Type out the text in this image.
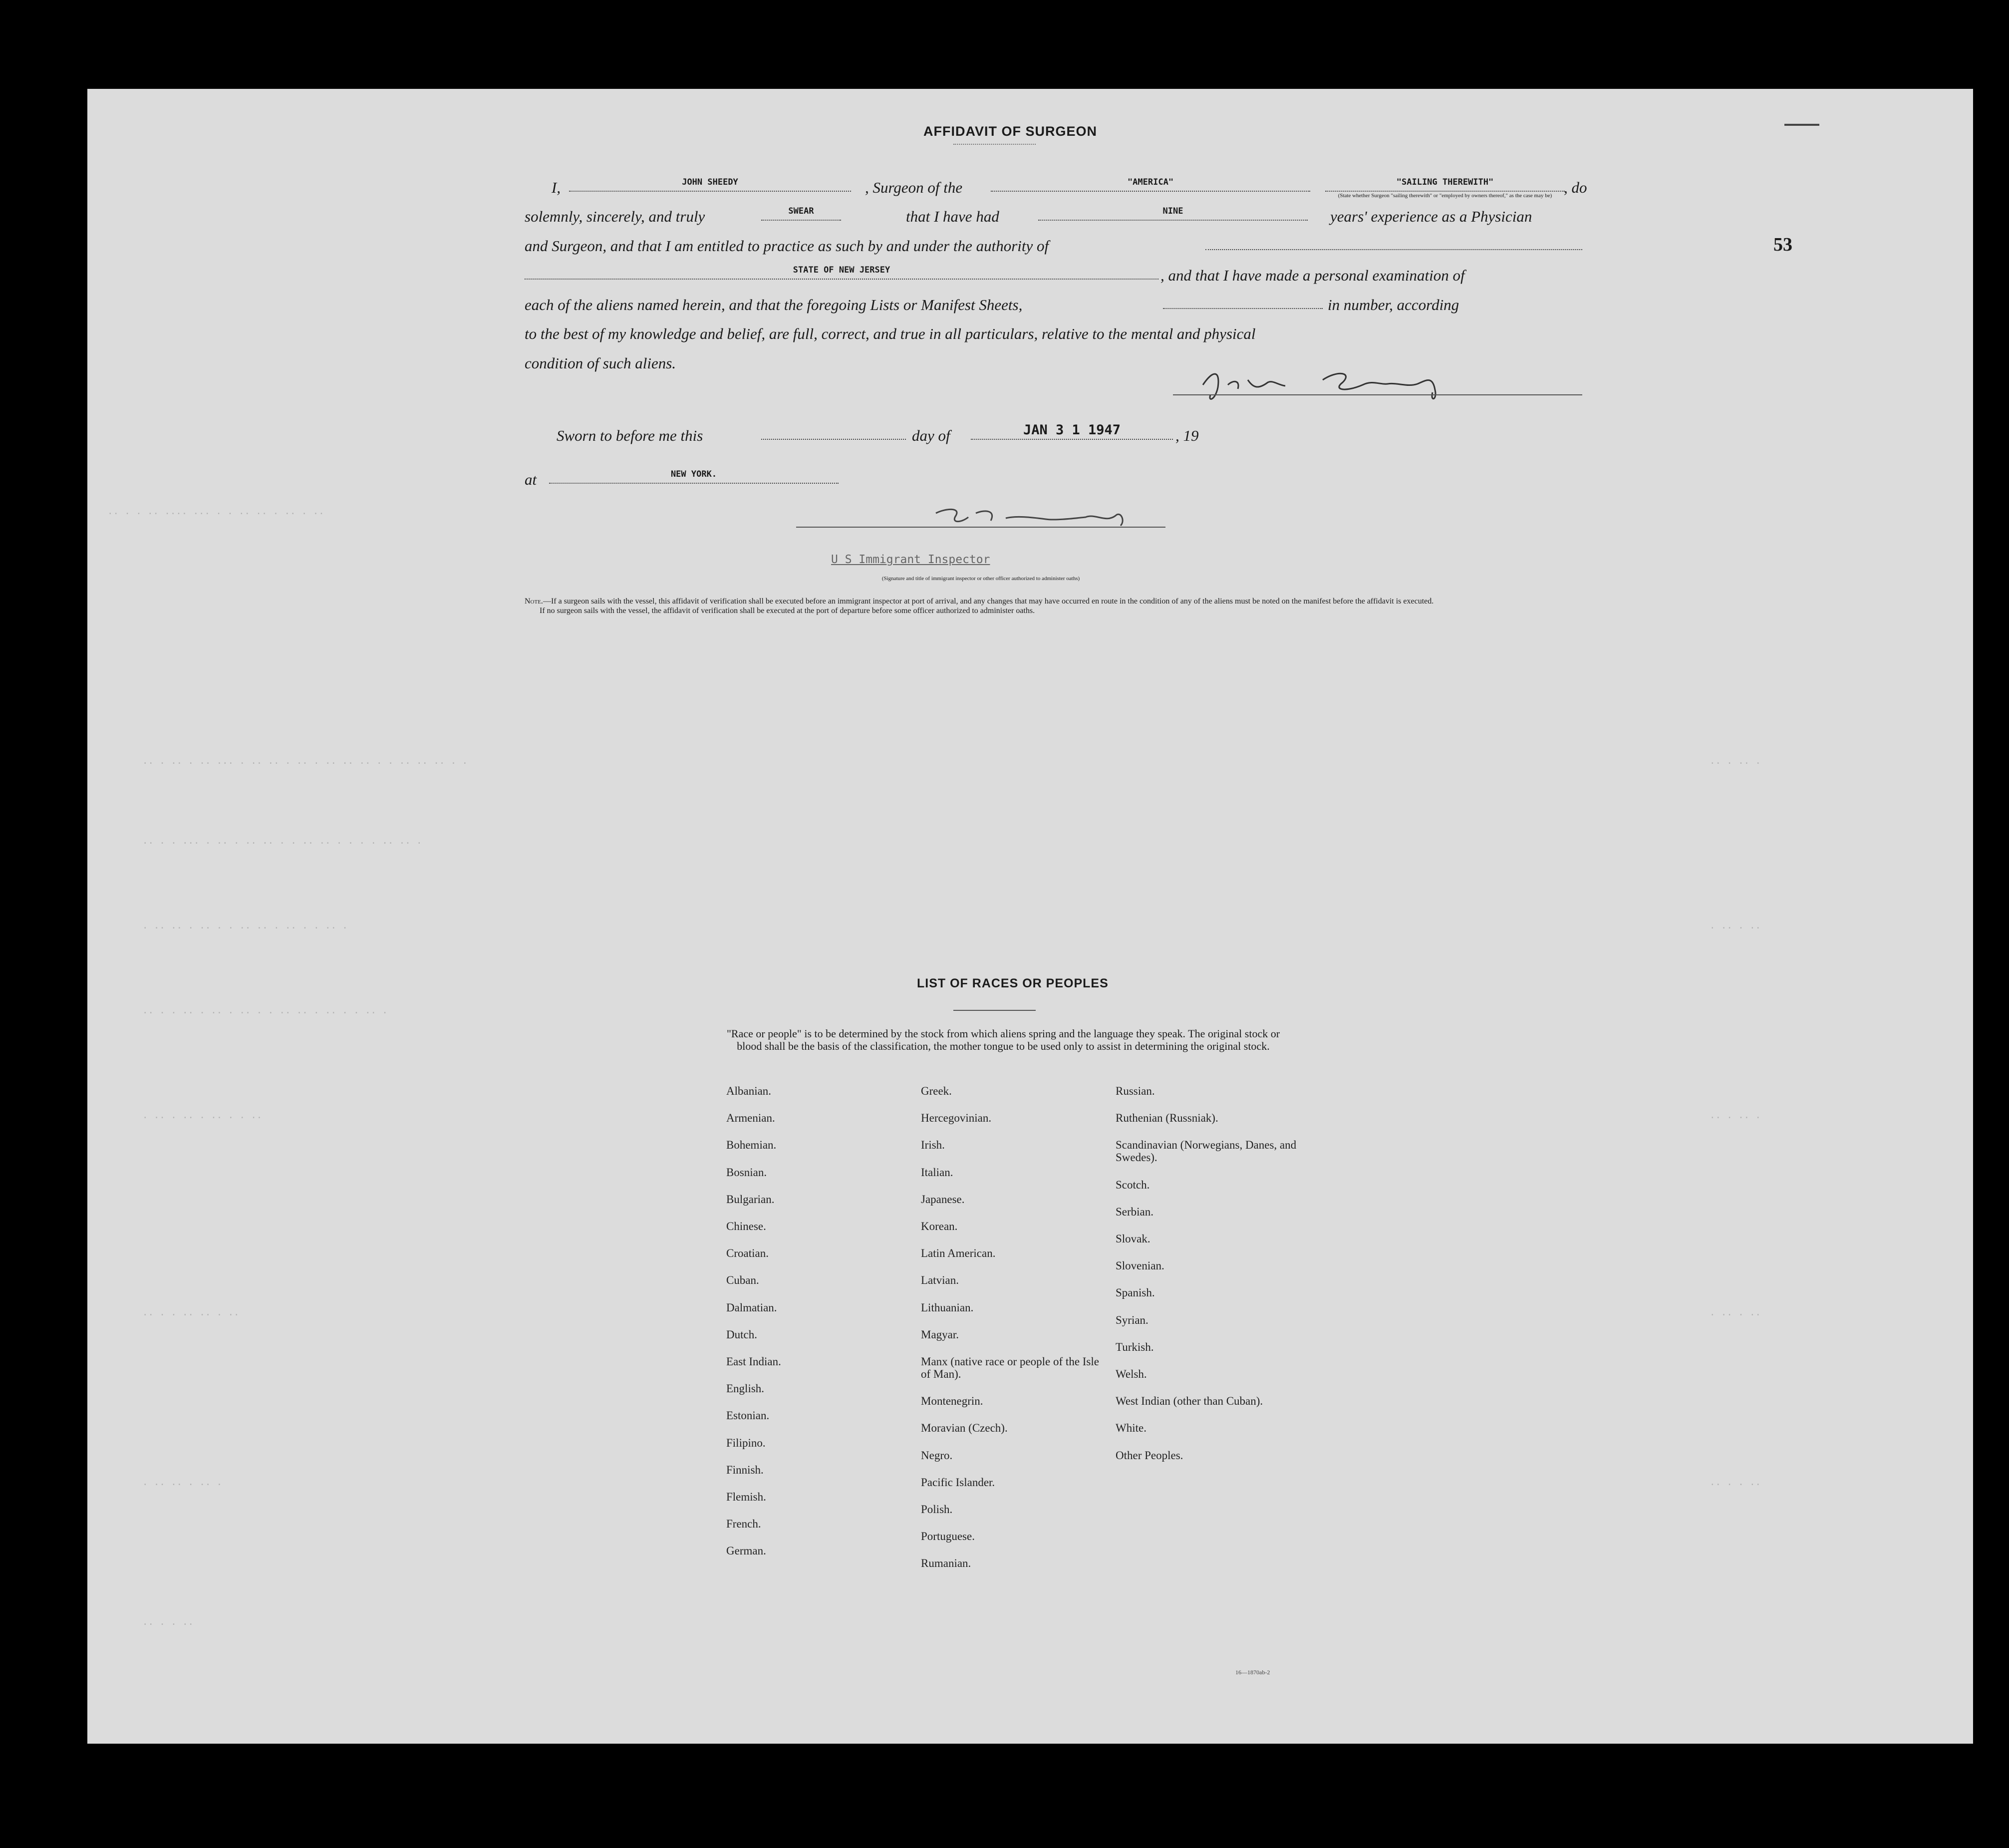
.. . . .. .... ... . . .. .. . .. . ..
.. . .. . .. ... . .. .. . .. . .. .. .. . . .. .. .. . .
.. . . ... . .. . .. .. . . .. .. . . . . .. .. .
. .. .. . .. . . .. .. . .. . . .. .
.. . . .. . .. . .. . . .. .. . .. . . .. .
. .. . .. . .. . . ..
.. . . .. .. . ..
. .. .. . .. .
.. . . ..
.. . .. .
. .. . ..
.. . .. .
. .. . ..
.. . . ..
53
AFFIDAVIT OF SURGEON
I,	JOHN SHEEDY	, Surgeon of the	"AMERICA"	"SAILING THEREWITH"	, do
(State whether Surgeon "sailing therewith" or "employed by owners thereof," as the case may be)
solemnly, sincerely, and truly	SWEAR	that I have had	NINE	years' experience as a Physician
and Surgeon, and that I am entitled to practice as such by and under the authority of
STATE OF NEW JERSEY	, and that I have made a personal examination of
each of the aliens named herein, and that the foregoing Lists or Manifest Sheets,	in number, according
to the best of my knowledge and belief, are full, correct, and true in all particulars, relative to the mental and physical
condition of such aliens.
Sworn to before me this	day of	JAN 3 1 1947	, 19
at	NEW YORK.
U S Immigrant Inspector
(Signature and title of immigrant inspector or other officer authorized to administer oaths)
Note.—If a surgeon sails with the vessel, this affidavit of verification shall be executed before an immigrant inspector at port of arrival, and any changes that may have occurred en route in the condition of any of the aliens must be noted on the manifest before the affidavit is executed.
If no surgeon sails with the vessel, the affidavit of verification shall be executed at the port of departure before some officer authorized to administer oaths.
LIST OF RACES OR PEOPLES
"Race or people" is to be determined by the stock from which aliens spring and the language they speak. The original stock or blood shall be the basis of the classification, the mother tongue to be used only to assist in determining the original stock.
Albanian.
Armenian.
Bohemian.
Bosnian.
Bulgarian.
Chinese.
Croatian.
Cuban.
Dalmatian.
Dutch.
East Indian.
English.
Estonian.
Filipino.
Finnish.
Flemish.
French.
German.
Greek.
Hercegovinian.
Irish.
Italian.
Japanese.
Korean.
Latin American.
Latvian.
Lithuanian.
Magyar.
Manx (native race or people of the Isle of Man).
Montenegrin.
Moravian (Czech).
Negro.
Pacific Islander.
Polish.
Portuguese.
Rumanian.
Russian.
Ruthenian (Russniak).
Scandinavian (Norwegians, Danes, and Swedes).
Scotch.
Serbian.
Slovak.
Slovenian.
Spanish.
Syrian.
Turkish.
Welsh.
West Indian (other than Cuban).
White.
Other Peoples.
16—1870ab-2
